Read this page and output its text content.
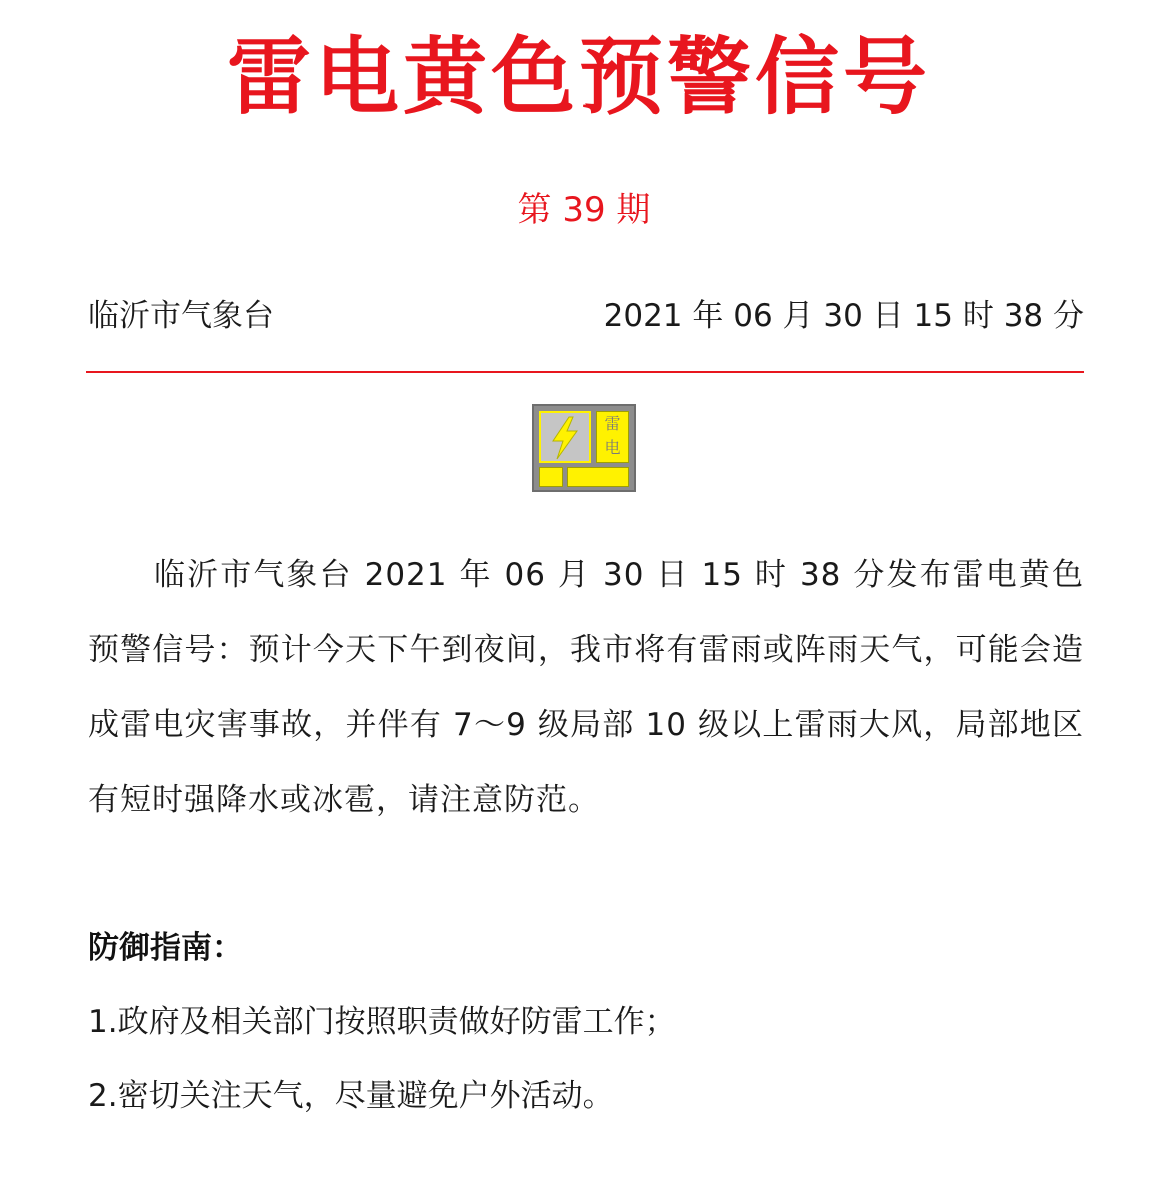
雷电黄色预警信号
第 39 期
临沂市气象台	2021 年 06 月 30 日 15 时 38 分
雷电

临沂市气象台 2021 年 06 月 30 日 15 时 38 分发布雷电黄色预警信号：预计今天下午到夜间，我市将有雷雨或阵雨天气，可能会造成雷电灾害事故，并伴有 7～9 级局部 10 级以上雷雨大风，局部地区有短时强降水或冰雹，请注意防范。

防御指南：
1.政府及相关部门按照职责做好防雷工作；
2.密切关注天气，尽量避免户外活动。
